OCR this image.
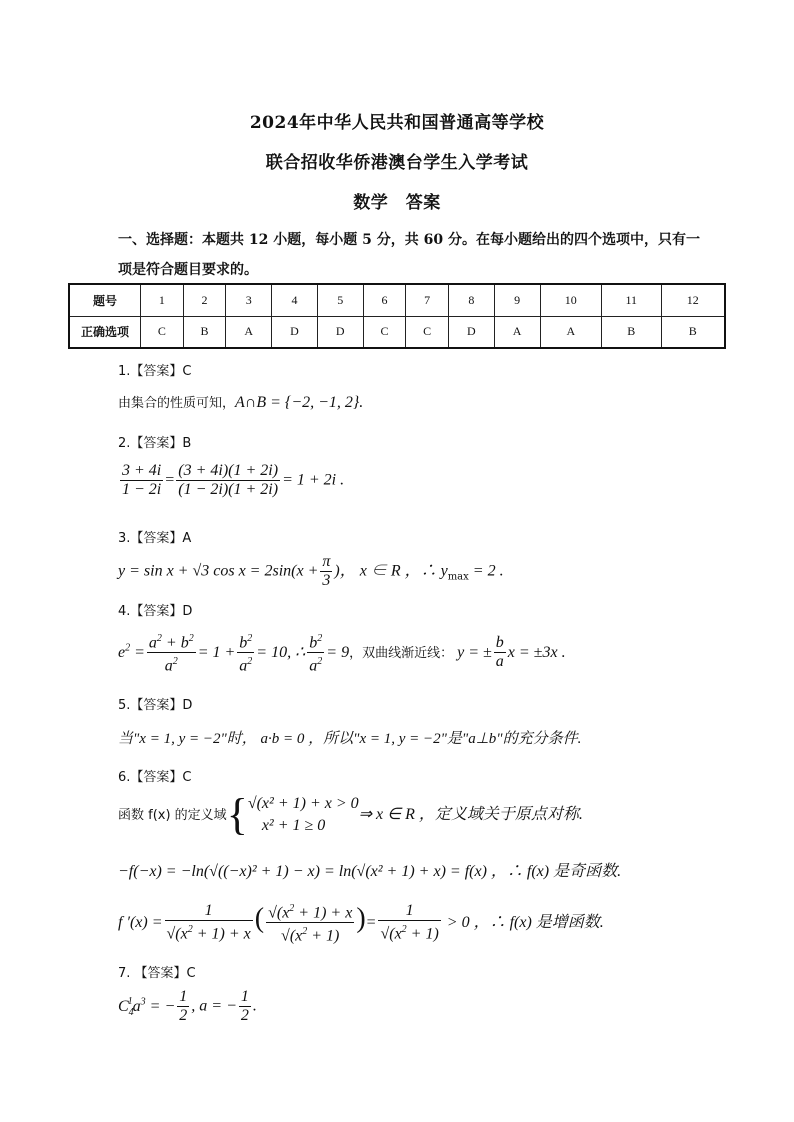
2024年中华人民共和国普通高等学校
联合招收华侨港澳台学生入学考试
数学　答案
一、选择题：本题共 12 小题，每小题 5 分，共 60 分。在每小题给出的四个选项中，只有一
项是符合题目要求的。
题号	1	2	3	4	5	6	7	8	9	10	11	12
正确选项	C	B	A	D	D	C	C	D	A	A	B	B
1.【答案】C
由集合的性质可知，A∩B = {−2, −1, 2}.
2.【答案】B
$\frac{3 + 4i}{1 - 2i} = \frac{(3 + 4i)(1 + 2i)}{(1 - 2i)(1 + 2i)} = 1 + 2i$ .
3.【答案】A
y = sin x + √3 $\cos x = 2\sin(x + \frac{\pi}{3}$ )， x ∈ R ，∴ $y_{max} = 2$ .
4.【答案】D
$e^2 = \frac{a^2 + b^2}{a^2} = 1 + \frac{b^2}{a^2} = 10$, ∴ $\frac{b^2}{a^2} = 9$，双曲线渐近线： y = ± $\frac{b}{a}$ x = ±3x .
5.【答案】D
当"x = 1, y = −2"时， a·b = 0 ，所以"x = 1, y = −2"是"a⊥b"的充分条件.
6.【答案】C
函数 f(x) 的定义域{ √(x² + 1) + x > 0
x² + 1 ≥ 0
⇒ x ∈ R ，定义域关于原点对称.
−f(−x) = −ln(√((−x)² + 1) − x) = ln(√(x² + 1) + x) = f(x) ，∴ f(x) 是奇函数.
f $'(x) = \frac{1}{√(x^2 + 1) + x}$ ( $\frac{√(x^2 + 1) + x}{√(x^2 + 1)}$ )= $\frac{1}{√(x^2 + 1)} > 0$ ，∴ f(x) 是增函数.
7. 【答案】C
$C_4^1a^3$ = − $\frac{1}{2}$ , a = − $\frac{1}{2}$ .
